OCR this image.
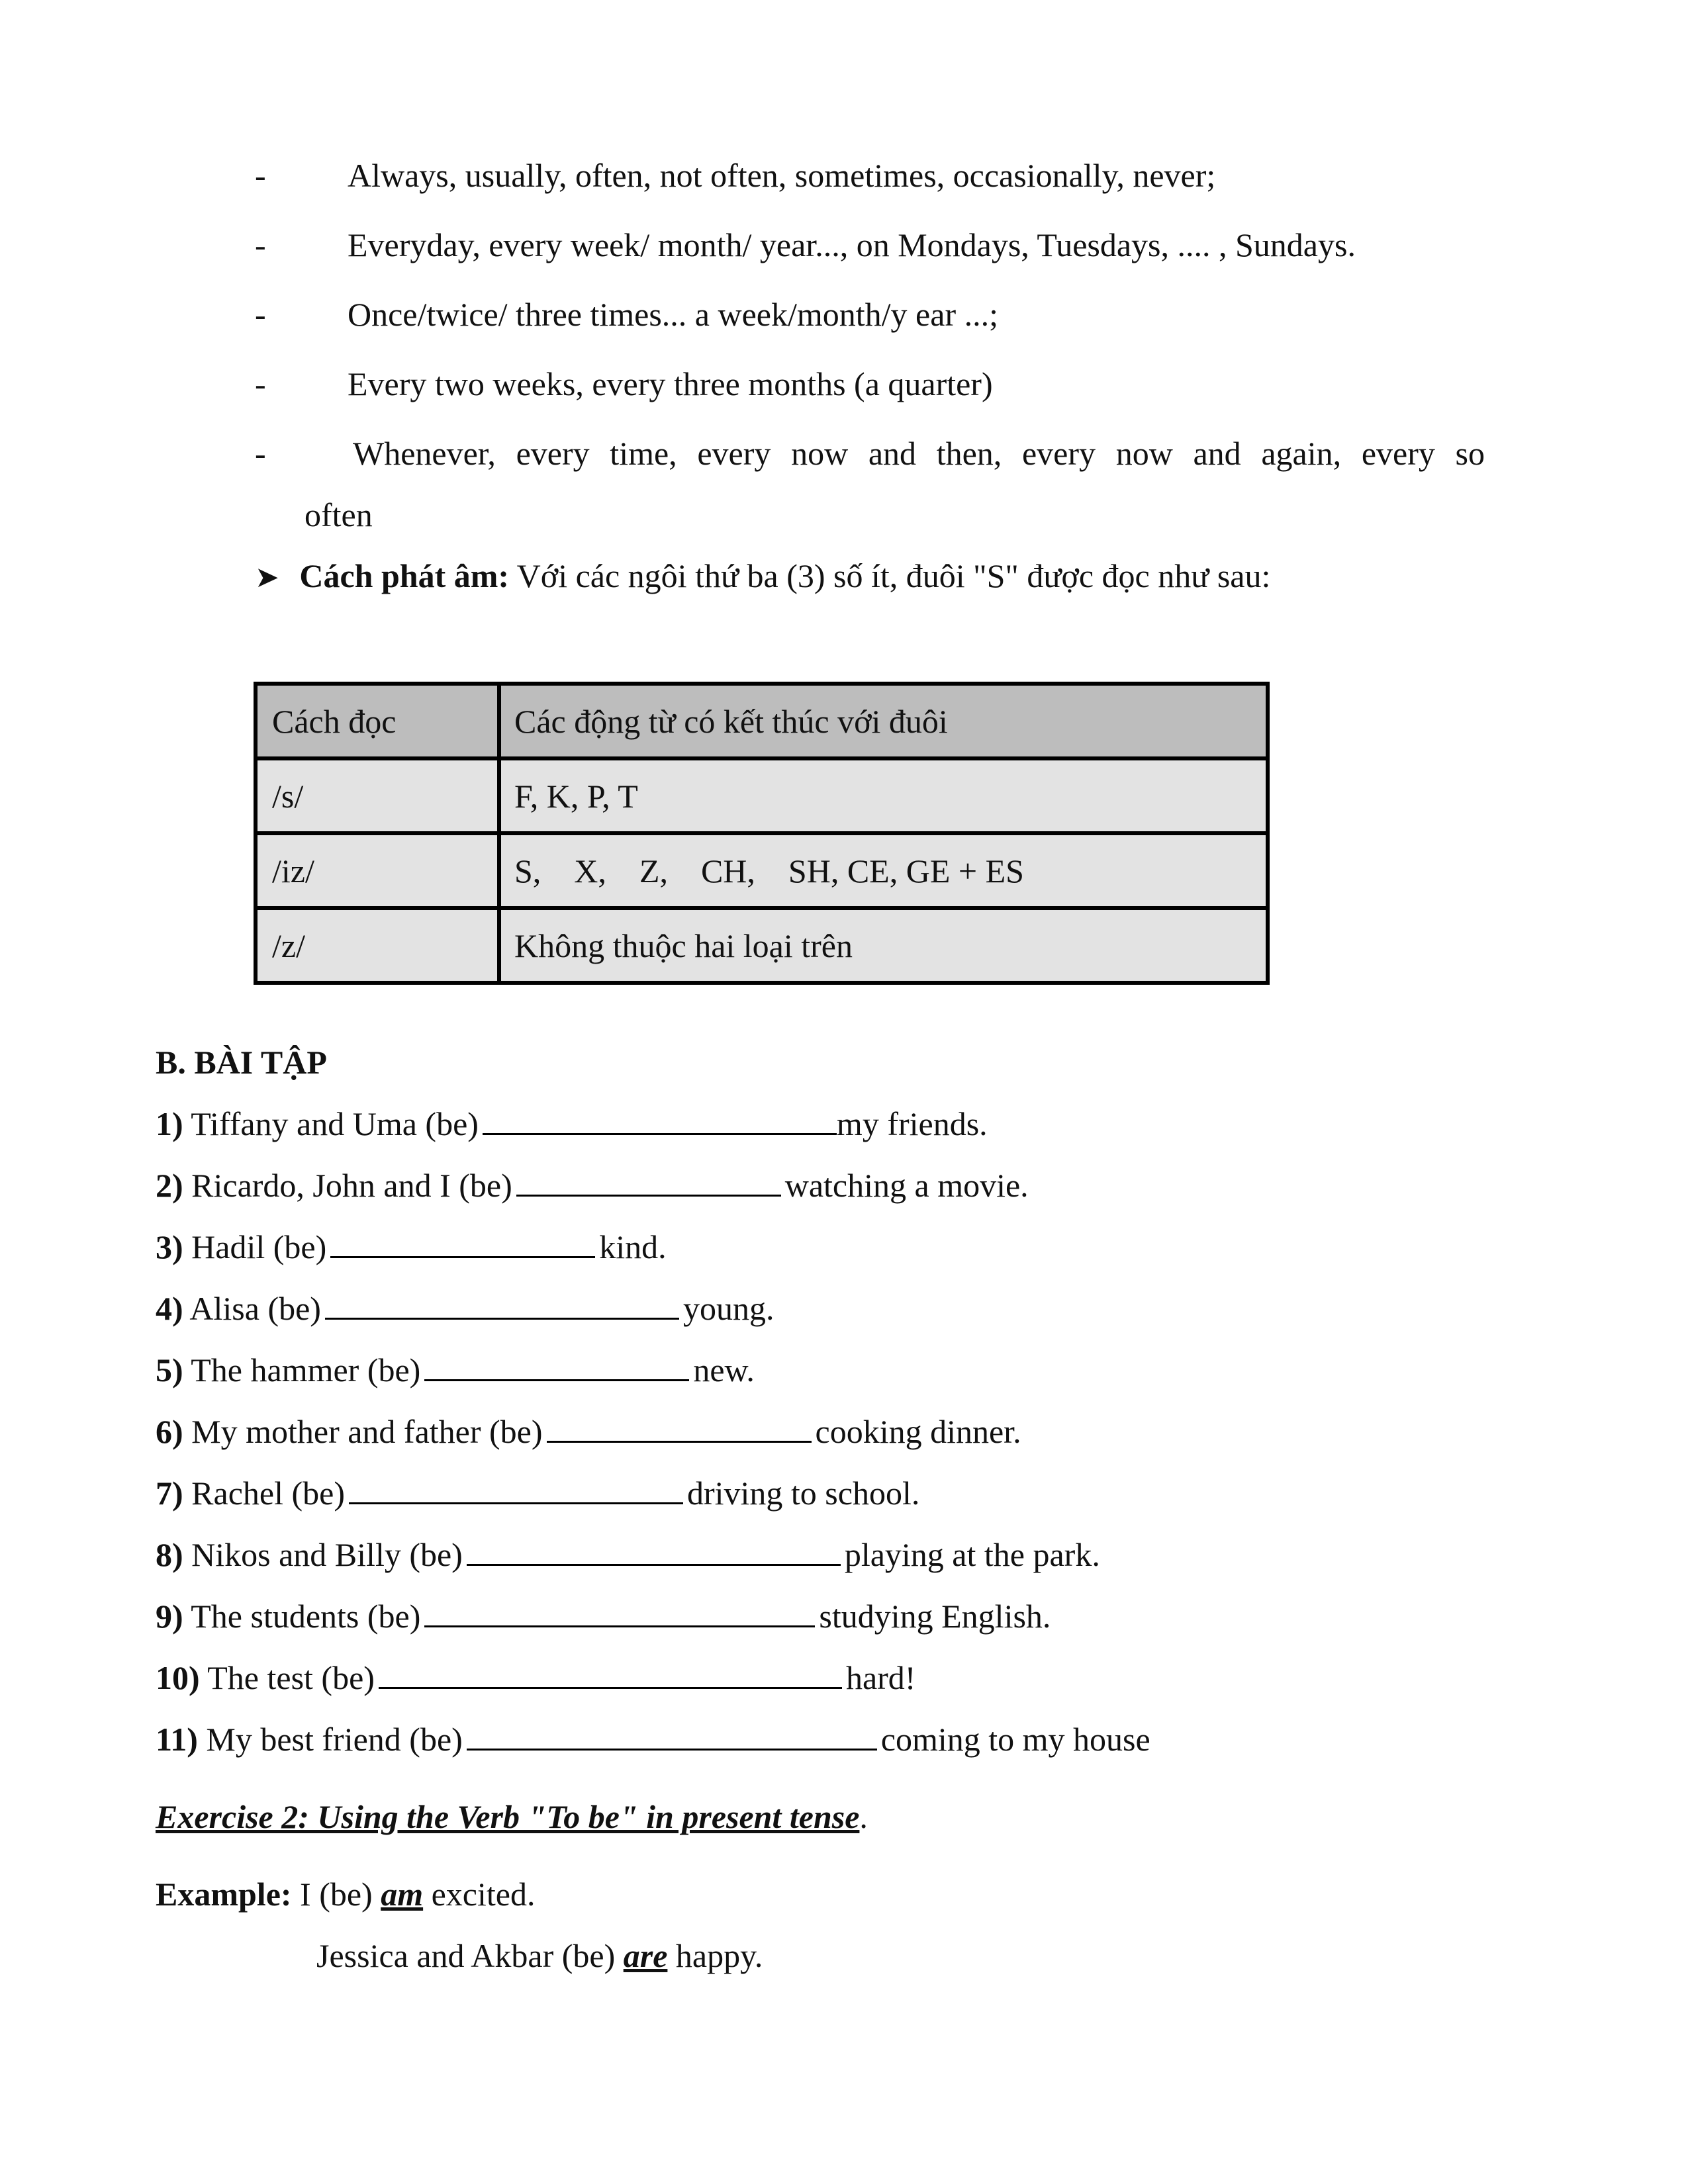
- Always, usually, often, not often, sometimes, occasionally, never;
- Everyday, every week/ month/ year..., on Mondays, Tuesdays, .... , Sundays.
- Once/twice/ three times... a week/month/y ear ...;
- Every two weeks, every three months (a quarter)
-	Whenever, every time, every now and then, every now and again, every so
often
➤ Cách phát âm: Với các ngôi thứ ba (3) số ít, đuôi "S" được đọc như sau:
Cách đọc	Các động từ có kết thúc với đuôi
/s/	F, K, P, T
/iz/	S,    X,    Z,    CH,    SH, CE, GE + ES
/z/	Không thuộc hai loại trên
B. BÀI TẬP
1) Tiffany and Uma (be)	my friends.
2) Ricardo, John and I (be)	watching a movie.
3) Hadil (be)	kind.
4) Alisa (be)	young.
5) The hammer (be)	new.
6) My mother and father (be)	cooking dinner.
7) Rachel (be)	driving to school.
8) Nikos and Billy (be)	playing at the park.
9) The students (be)	studying English.
10) The test (be)	hard!
11) My best friend (be)	coming to my house
Exercise 2: Using the Verb "To be" in present tense.
Example: I (be) am excited.
Jessica and Akbar (be) are happy.
